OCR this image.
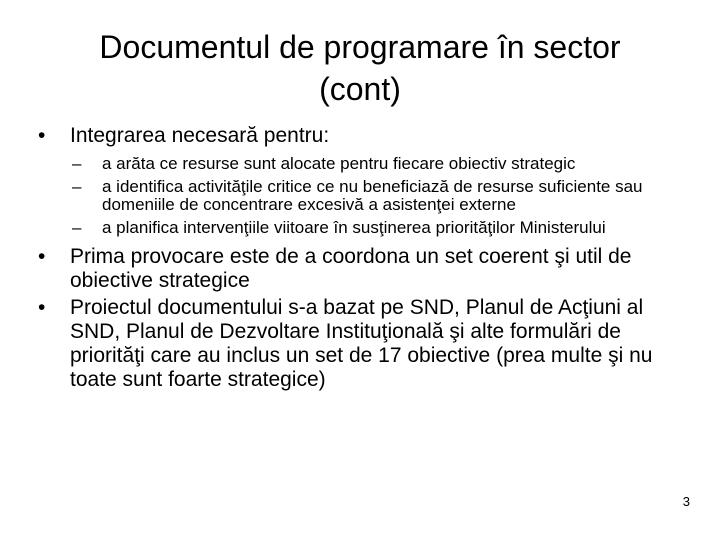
Documentul de programare în sector
(cont)
• Integrarea necesară pentru:
– a arăta ce resurse sunt alocate pentru fiecare obiectiv strategic
– a identifica activităţile critice ce nu beneficiază de resurse suficiente sau domeniile de concentrare excesivă a asistenţei externe
– a planifica intervenţiile viitoare în susţinerea priorităţilor Ministerului
• Prima provocare este de a coordona un set coerent şi util de obiective strategice
• Proiectul documentului s-a bazat pe SND, Planul de Acţiuni al SND, Planul de Dezvoltare Instituţională şi alte formulări de priorităţi care au inclus un set de 17 obiective (prea multe şi nu toate sunt foarte strategice)
3
